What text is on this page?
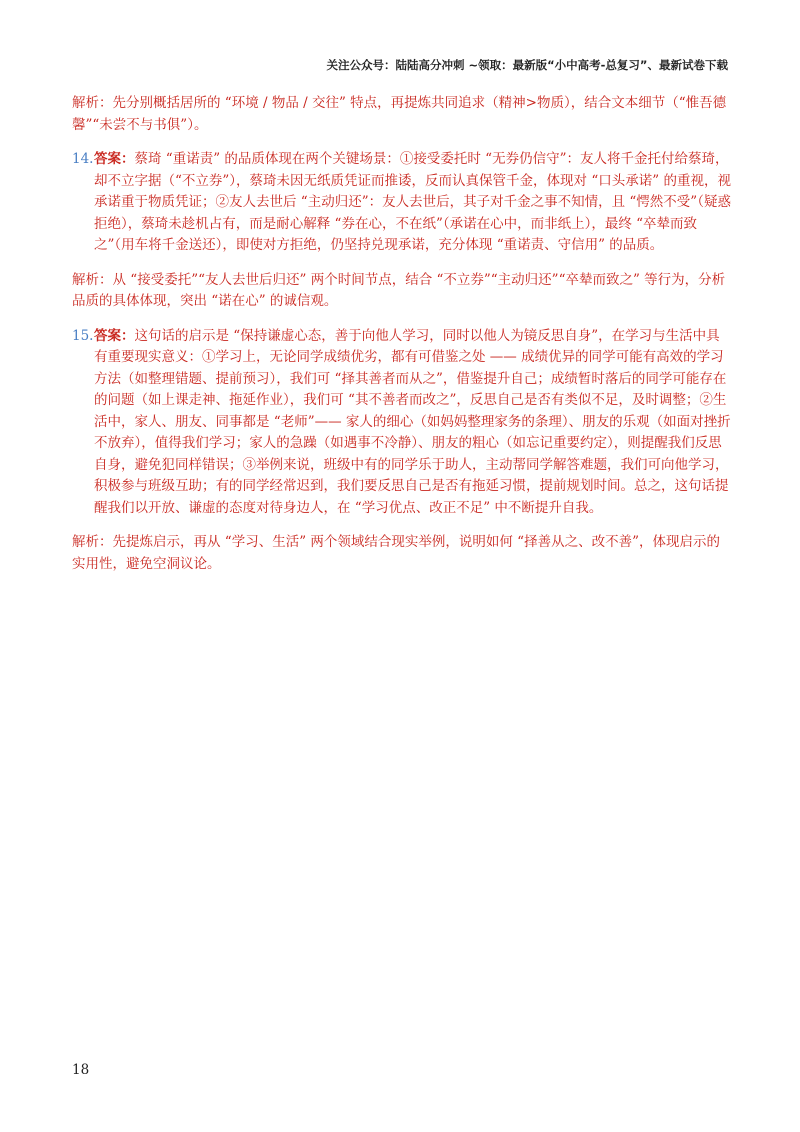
关注公众号：陆陆高分冲刺 ~领取：最新版“小中高考-总复习”、最新试卷下载

解析：先分别概括居所的 “环境 / 物品 / 交往” 特点，再提炼共同追求（精神>物质），结合文本细节（“惟吾德馨”“未尝不与书俱”）。

14.答案：蔡琦 “重诺责” 的品质体现在两个关键场景：①接受委托时 “无券仍信守”：友人将千金托付给蔡琦，却不立字据（“不立券”），蔡琦未因无纸质凭证而推诿，反而认真保管千金，体现对 “口头承诺” 的重视，视承诺重于物质凭证；②友人去世后 “主动归还”：友人去世后，其子对千金之事不知情，且 “愕然不受”（疑惑拒绝），蔡琦未趁机占有，而是耐心解释 “券在心，不在纸”（承诺在心中，而非纸上），最终 “卒辇而致之”（用车将千金送还），即使对方拒绝，仍坚持兑现承诺，充分体现 “重诺责、守信用” 的品质。

解析：从 “接受委托”“友人去世后归还” 两个时间节点，结合 “不立券”“主动归还”“卒辇而致之” 等行为，分析品质的具体体现，突出 “诺在心” 的诚信观。

15.答案：这句话的启示是 “保持谦虚心态，善于向他人学习，同时以他人为镜反思自身”，在学习与生活中具有重要现实意义：①学习上，无论同学成绩优劣，都有可借鉴之处 —— 成绩优异的同学可能有高效的学习方法（如整理错题、提前预习），我们可 “择其善者而从之”，借鉴提升自己；成绩暂时落后的同学可能存在的问题（如上课走神、拖延作业），我们可 “其不善者而改之”，反思自己是否有类似不足，及时调整；②生活中，家人、朋友、同事都是 “老师”—— 家人的细心（如妈妈整理家务的条理）、朋友的乐观（如面对挫折不放弃），值得我们学习；家人的急躁（如遇事不冷静）、朋友的粗心（如忘记重要约定），则提醒我们反思自身，避免犯同样错误；③举例来说，班级中有的同学乐于助人，主动帮同学解答难题，我们可向他学习，积极参与班级互助；有的同学经常迟到，我们要反思自己是否有拖延习惯，提前规划时间。总之，这句话提醒我们以开放、谦虚的态度对待身边人，在 “学习优点、改正不足” 中不断提升自我。

解析：先提炼启示，再从 “学习、生活” 两个领域结合现实举例，说明如何 “择善从之、改不善”，体现启示的实用性，避免空洞议论。

18
